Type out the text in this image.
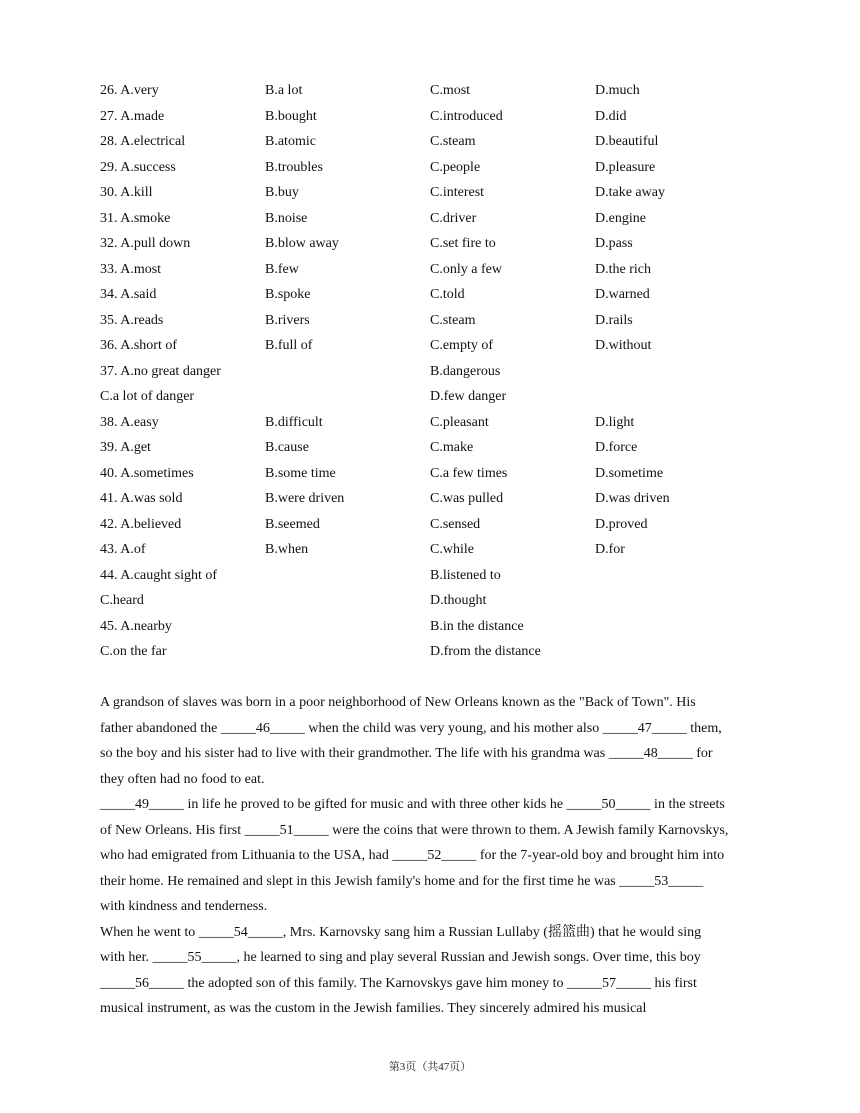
26. A.very	B.a lot	C.most	D.much
27. A.made	B.bought	C.introduced	D.did
28. A.electrical	B.atomic	C.steam	D.beautiful
29. A.success	B.troubles	C.people	D.pleasure
30. A.kill	B.buy	C.interest	D.take away
31. A.smoke	B.noise	C.driver	D.engine
32. A.pull down	B.blow away	C.set fire to	D.pass
33. A.most	B.few	C.only a few	D.the rich
34. A.said	B.spoke	C.told	D.warned
35. A.reads	B.rivers	C.steam	D.rails
36. A.short of	B.full of	C.empty of	D.without
37. A.no great danger	B.dangerous
C.a lot of danger	D.few danger
38. A.easy	B.difficult	C.pleasant	D.light
39. A.get	B.cause	C.make	D.force
40. A.sometimes	B.some time	C.a few times	D.sometime
41. A.was sold	B.were driven	C.was pulled	D.was driven
42. A.believed	B.seemed	C.sensed	D.proved
43. A.of	B.when	C.while	D.for
44. A.caught sight of	B.listened to
C.heard	D.thought
45. A.nearby	B.in the distance
C.on the far	D.from the distance

A grandson of slaves was born in a poor neighborhood of New Orleans known as the "Back of Town". His

father abandoned the _____46_____ when the child was very young, and his mother also _____47_____ them,

so the boy and his sister had to live with their grandmother. The life with his grandma was _____48_____ for

they often had no food to eat.

_____49_____ in life he proved to be gifted for music and with three other kids he _____50_____ in the streets

of New Orleans. His first _____51_____ were the coins that were thrown to them. A Jewish family Karnovskys,

who had emigrated from Lithuania to the USA, had _____52_____ for the 7-year-old boy and brought him into

their home. He remained and slept in this Jewish family's home and for the first time he was _____53_____

with kindness and tenderness.

When he went to _____54_____, Mrs. Karnovsky sang him a Russian Lullaby (摇篮曲) that he would sing

with her. _____55_____, he learned to sing and play several Russian and Jewish songs. Over time, this boy

_____56_____ the adopted son of this family. The Karnovskys gave him money to _____57_____ his first

musical instrument, as was the custom in the Jewish families. They sincerely admired his musical

第3页（共47页）
